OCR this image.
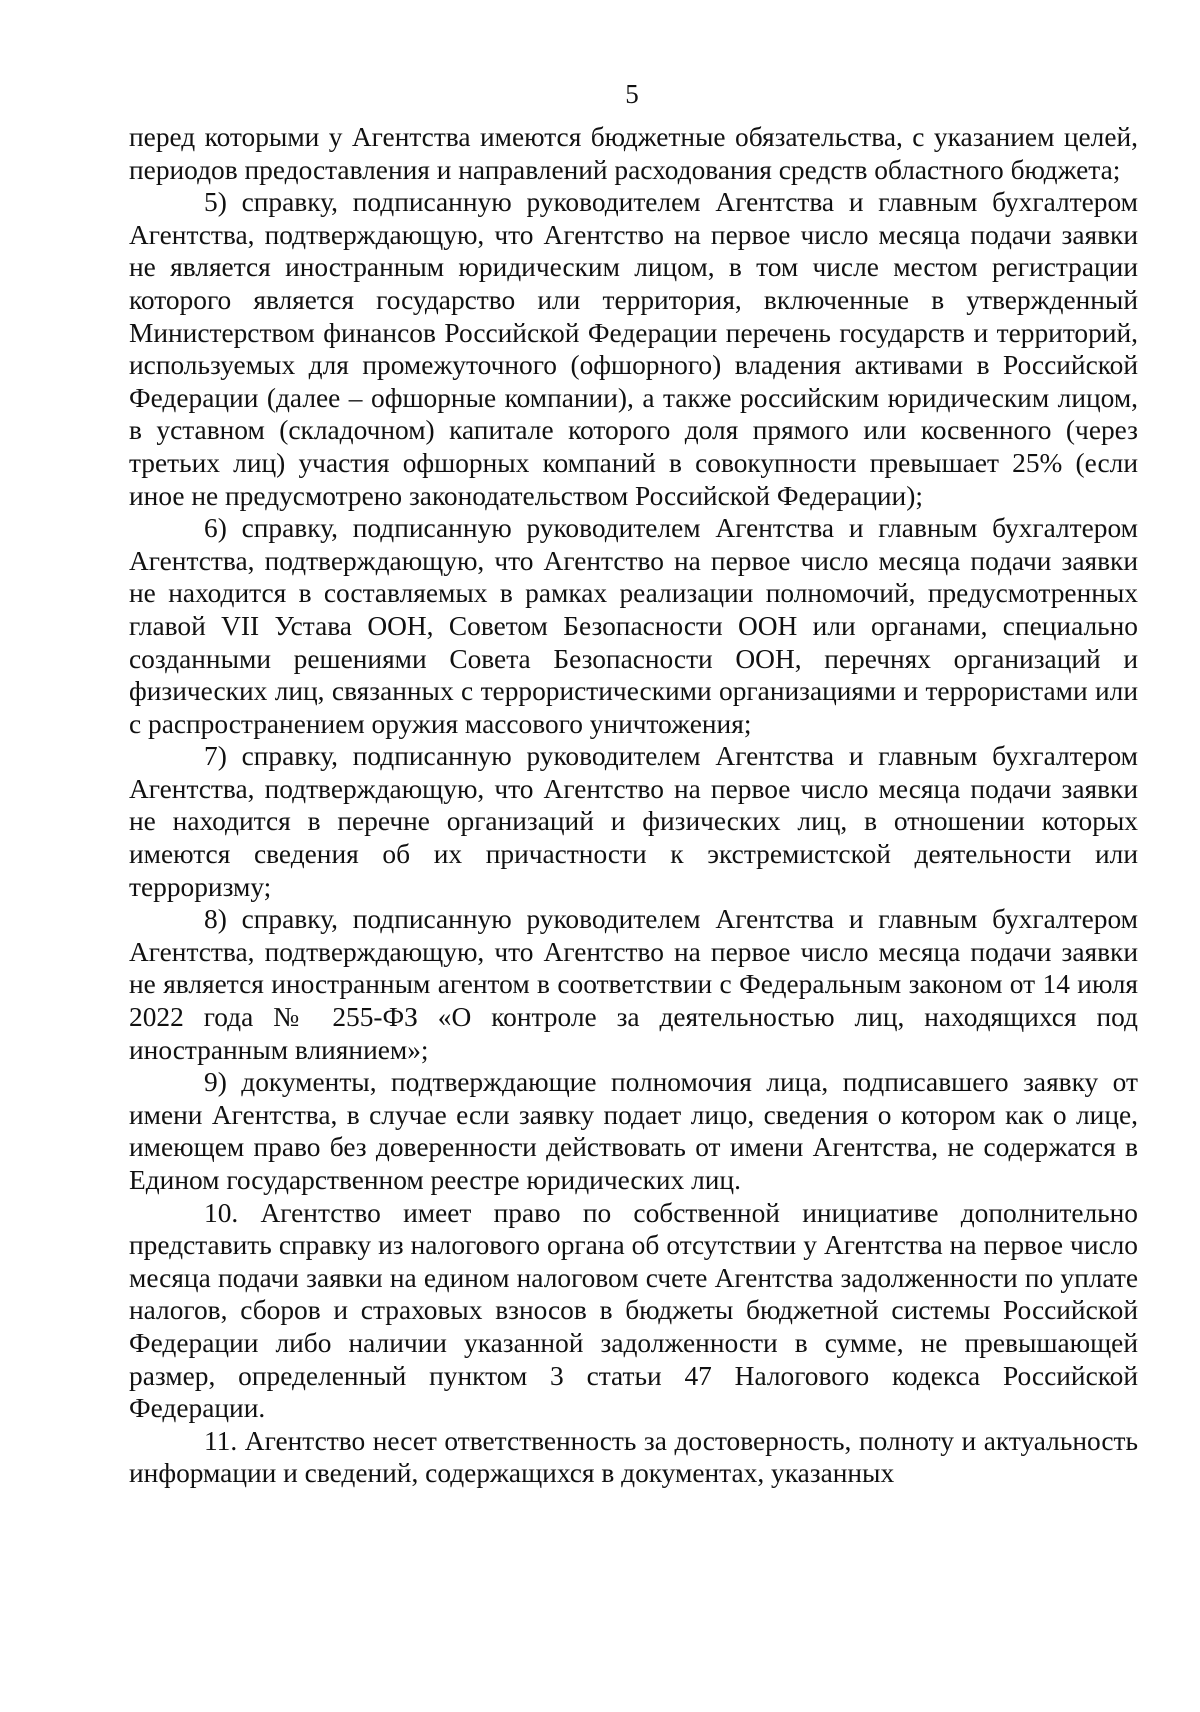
5

перед которыми у Агентства имеются бюджетные обязательства, с указанием целей, периодов предоставления и направлений расходования средств областного бюджета;

5) справку, подписанную руководителем Агентства и главным бухгалтером Агентства, подтверждающую, что Агентство на первое число месяца подачи заявки не является иностранным юридическим лицом, в том числе местом регистрации которого является государство или территория, включенные в утвержденный Министерством финансов Российской Федерации перечень государств и территорий, используемых для промежуточного (офшорного) владения активами в Российской Федерации (далее – офшорные компании), а также российским юридическим лицом, в уставном (складочном) капитале которого доля прямого или косвенного (через третьих лиц) участия офшорных компаний в совокупности превышает 25% (если иное не предусмотрено законодательством Российской Федерации);

6) справку, подписанную руководителем Агентства и главным бухгалтером Агентства, подтверждающую, что Агентство на первое число месяца подачи заявки не находится в составляемых в рамках реализации полномочий, предусмотренных главой VII Устава ООН, Советом Безопасности ООН или органами, специально созданными решениями Совета Безопасности ООН, перечнях организаций и физических лиц, связанных с террористическими организациями и террористами или с распространением оружия массового уничтожения;

7) справку, подписанную руководителем Агентства и главным бухгалтером Агентства, подтверждающую, что Агентство на первое число месяца подачи заявки не находится в перечне организаций и физических лиц, в отношении которых имеются сведения об их причастности к экстремистской деятельности или терроризму;

8) справку, подписанную руководителем Агентства и главным бухгалтером Агентства, подтверждающую, что Агентство на первое число месяца подачи заявки не является иностранным агентом в соответствии с Федеральным законом от 14 июля 2022 года № 255-ФЗ «О контроле за деятельностью лиц, находящихся под иностранным влиянием»;

9) документы, подтверждающие полномочия лица, подписавшего заявку от имени Агентства, в случае если заявку подает лицо, сведения о котором как о лице, имеющем право без доверенности действовать от имени Агентства, не содержатся в Едином государственном реестре юридических лиц.

10. Агентство имеет право по собственной инициативе дополнительно представить справку из налогового органа об отсутствии у Агентства на первое число месяца подачи заявки на едином налоговом счете Агентства задолженности по уплате налогов, сборов и страховых взносов в бюджеты бюджетной системы Российской Федерации либо наличии указанной задолженности в сумме, не превышающей размер, определенный пунктом 3 статьи 47 Налогового кодекса Российской Федерации.

11. Агентство несет ответственность за достоверность, полноту и актуальность информации и сведений, содержащихся в документах, указанных
